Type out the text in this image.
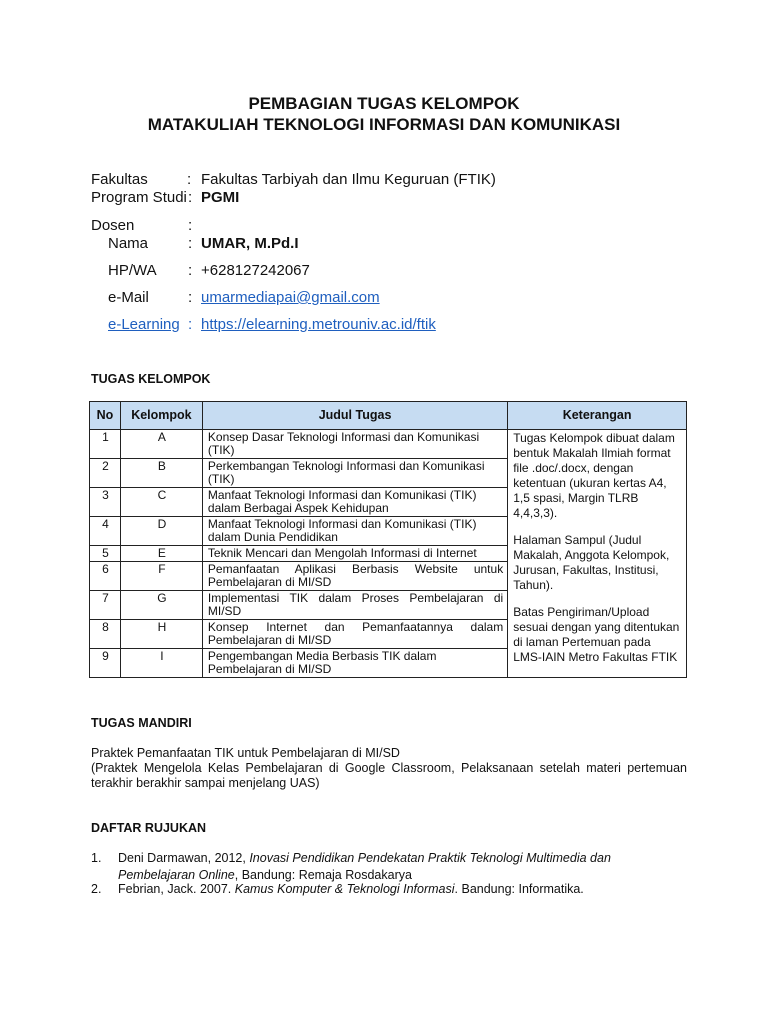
PEMBAGIAN TUGAS KELOMPOK
MATAKULIAH TEKNOLOGI INFORMASI DAN KOMUNIKASI
Fakultas	: Fakultas Tarbiyah dan Ilmu Keguruan (FTIK)
Program Studi : PGMI
Dosen	:
Nama	: UMAR, M.Pd.I
HP/WA : +628127242067
e-Mail	: umarmediapai@gmail.com
e-Learning : https://elearning.metrouniv.ac.id/ftik
TUGAS KELOMPOK
No	Kelompok	Judul Tugas	Keterangan
1	A	Konsep Dasar Teknologi Informasi dan Komunikasi (TIK)	Tugas Kelompok dibuat dalam bentuk Makalah Ilmiah format file .doc/.docx, dengan ketentuan (ukuran kertas A4, 1,5 spasi, Margin TLRB 4,4,3,3).

Halaman Sampul (Judul Makalah, Anggota Kelompok, Jurusan, Fakultas, Institusi, Tahun).

Batas Pengiriman/Upload sesuai dengan yang ditentukan di laman Pertemuan pada LMS-IAIN Metro Fakultas FTIK

2	B	Perkembangan Teknologi Informasi dan Komunikasi (TIK)	
3	C	Manfaat Teknologi Informasi dan Komunikasi (TIK) dalam Berbagai Aspek Kehidupan	
4	D	Manfaat Teknologi Informasi dan Komunikasi (TIK) dalam Dunia Pendidikan	
5	E	Teknik Mencari dan Mengolah Informasi di Internet	
6	F	Pemanfaatan Aplikasi Berbasis Website untuk Pembelajaran di MI/SD	
7	G	Implementasi TIK dalam Proses Pembelajaran di MI/SD	
8	H	Konsep Internet dan Pemanfaatannya dalam Pembelajaran di MI/SD	
9	I	Pengembangan Media Berbasis TIK dalam Pembelajaran di MI/SD	
TUGAS MANDIRI
Praktek Pemanfaatan TIK untuk Pembelajaran di MI/SD
(Praktek Mengelola Kelas Pembelajaran di Google Classroom, Pelaksanaan setelah materi pertemuan terakhir berakhir sampai menjelang UAS)
DAFTAR RUJUKAN
1. Deni Darmawan, 2012, Inovasi Pendidikan Pendekatan Praktik Teknologi Multimedia dan
Pembelajaran Online, Bandung: Remaja Rosdakarya
2. Febrian, Jack. 2007. Kamus Komputer & Teknologi Informasi. Bandung: Informatika.
